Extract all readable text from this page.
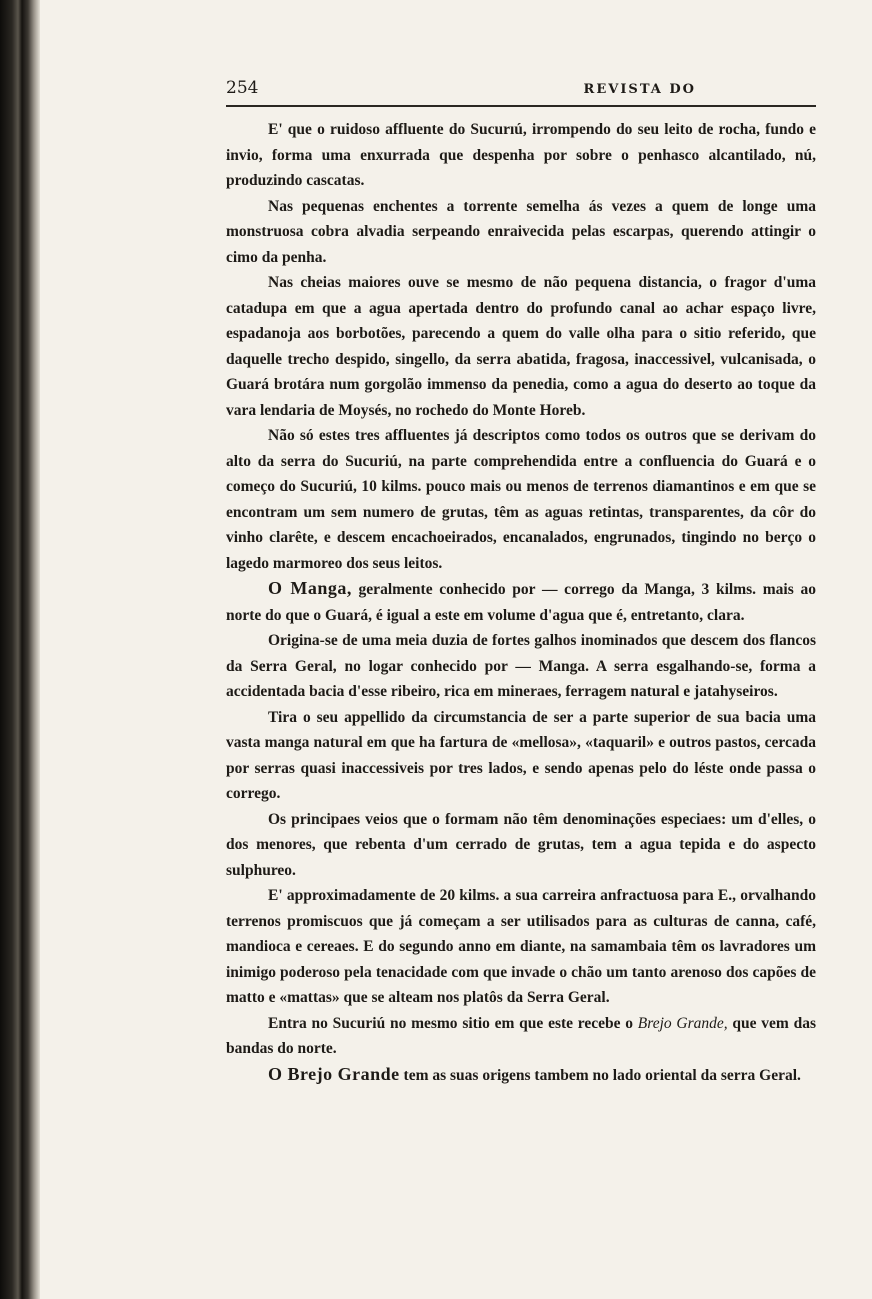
254	REVISTA DO

E' que o ruidoso affluente do Sucurıú, irrompendo do seu leito de rocha, fundo e invio, forma uma enxurrada que despenha por sobre o penhasco alcantilado, nú, produzindo cascatas.

Nas pequenas enchentes a torrente semelha ás vezes a quem de longe uma monstruosa cobra alvadia serpeando enraivecida pelas escarpas, querendo attingir o cimo da penha.

Nas cheias maiores ouve se mesmo de não pequena distancia, o fragor d'uma catadupa em que a agua apertada dentro do profundo canal ao achar espaço livre, espadanoja aos borbotões, parecendo a quem do valle olha para o sitio referido, que daquelle trecho despido, singello, da serra abatida, fragosa, inaccessivel, vulcanisada, o Guará brotára num gorgolão immenso da penedia, como a agua do deserto ao toque da vara lendaria de Moysés, no rochedo do Monte Horeb.

Não só estes tres affluentes já descriptos como todos os outros que se derivam do alto da serra do Sucuriú, na parte comprehendida entre a confluencia do Guará e o começo do Sucuriú, 10 kilms. pouco mais ou menos de terrenos diamantinos e em que se encontram um sem numero de grutas, têm as aguas retintas, transparentes, da côr do vinho clarête, e descem encachoeirados, encanalados, engrunados, tingindo no berço o lagedo marmoreo dos seus leitos.

O Manga, geralmente conhecido por — corrego da Manga, 3 kilms. mais ao norte do que o Guará, é igual a este em volume d'agua que é, entretanto, clara.

Origina-se de uma meia duzia de fortes galhos inominados que descem dos flancos da Serra Geral, no logar conhecido por — Manga. A serra esgalhando-se, forma a accidentada bacia d'esse ribeiro, rica em mineraes, ferragem natural e jatahyseiros.

Tira o seu appellido da circumstancia de ser a parte superior de sua bacia uma vasta manga natural em que ha fartura de «mellosa», «taquaril» e outros pastos, cercada por serras quasi inaccessiveis por tres lados, e sendo apenas pelo do léste onde passa o corrego.

Os principaes veios que o formam não têm denominações especiaes: um d'elles, o dos menores, que rebenta d'um cerrado de grutas, tem a agua tepida e do aspecto sulphureo.

E' approximadamente de 20 kilms. a sua carreira anfractuosa para E., orvalhando terrenos promiscuos que já começam a ser utilisados para as culturas de canna, café, mandioca e cereaes. E do segundo anno em diante, na samambaia têm os lavradores um inimigo poderoso pela tenacidade com que invade o chão um tanto arenoso dos capões de matto e «mattas» que se alteam nos platôs da Serra Geral.

Entra no Sucuriú no mesmo sitio em que este recebe o Brejo Grande, que vem das bandas do norte.

O Brejo Grande tem as suas origens tambem no lado oriental da serra Geral.
